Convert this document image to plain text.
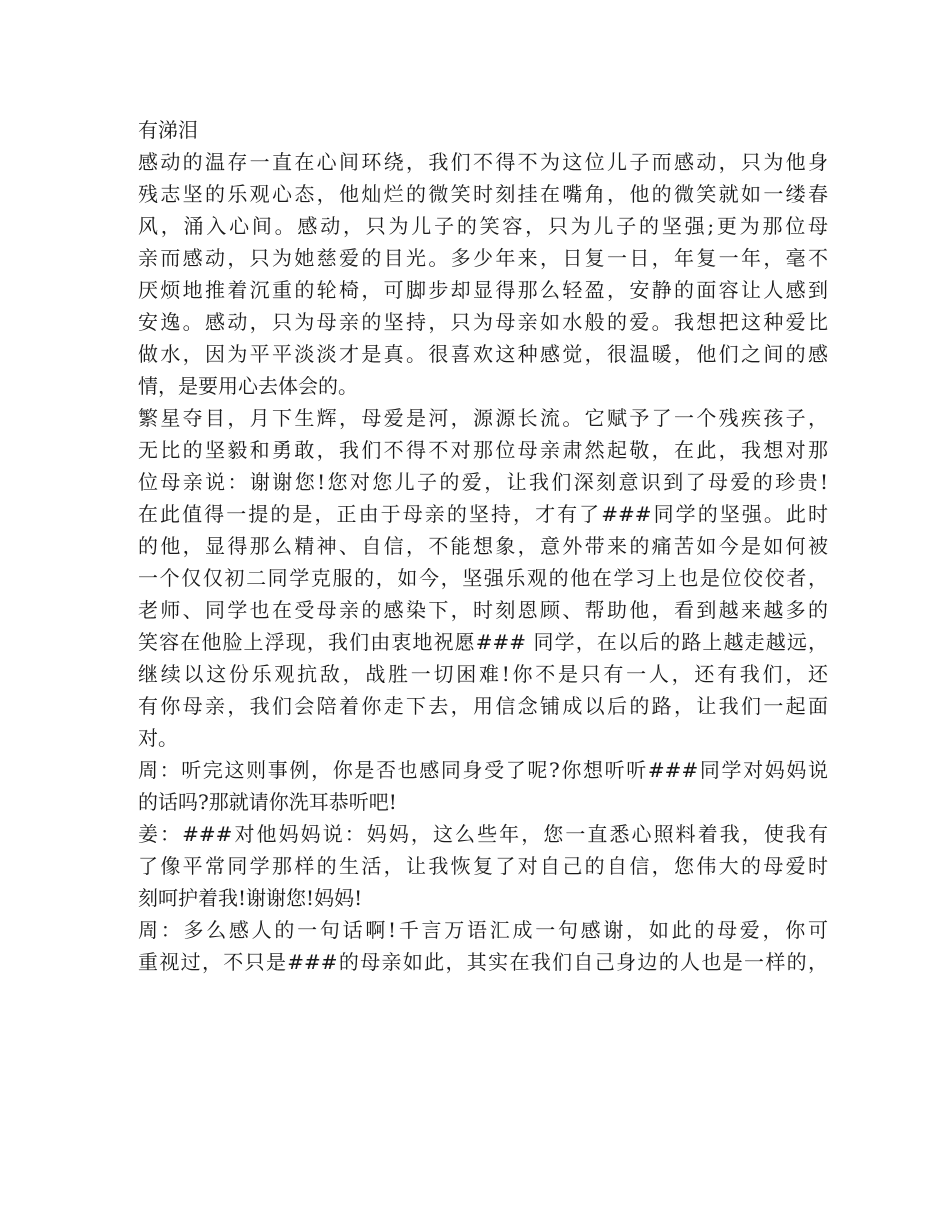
有涕泪

感动的温存一直在心间环绕，我们不得不为这位儿子而感动，只为他身

残志坚的乐观心态，他灿烂的微笑时刻挂在嘴角，他的微笑就如一缕春

风，涌入心间。感动，只为儿子的笑容，只为儿子的坚强;更为那位母

亲而感动，只为她慈爱的目光。多少年来，日复一日，年复一年，毫不

厌烦地推着沉重的轮椅，可脚步却显得那么轻盈，安静的面容让人感到

安逸。感动，只为母亲的坚持，只为母亲如水般的爱。我想把这种爱比

做水，因为平平淡淡才是真。很喜欢这种感觉，很温暖，他们之间的感

情，是要用心去体会的。

繁星夺目，月下生辉，母爱是河，源源长流。它赋予了一个残疾孩子，

无比的坚毅和勇敢，我们不得不对那位母亲肃然起敬，在此，我想对那

位母亲说：谢谢您!您对您儿子的爱，让我们深刻意识到了母爱的珍贵!

在此值得一提的是，正由于母亲的坚持，才有了###同学的坚强。此时

的他，显得那么精神、自信，不能想象，意外带来的痛苦如今是如何被

一个仅仅初二同学克服的，如今，坚强乐观的他在学习上也是位佼佼者，

老师、同学也在受母亲的感染下，时刻恩顾、帮助他，看到越来越多的

笑容在他脸上浮现，我们由衷地祝愿### 同学，在以后的路上越走越远，

继续以这份乐观抗敌，战胜一切困难!你不是只有一人，还有我们，还

有你母亲，我们会陪着你走下去，用信念铺成以后的路，让我们一起面

对。

周：听完这则事例，你是否也感同身受了呢?你想听听###同学对妈妈说

的话吗?那就请你洗耳恭听吧!

姜：###对他妈妈说：妈妈，这么些年，您一直悉心照料着我，使我有

了像平常同学那样的生活，让我恢复了对自己的自信，您伟大的母爱时

刻呵护着我!谢谢您!妈妈!

周：多么感人的一句话啊!千言万语汇成一句感谢，如此的母爱，你可

重视过，不只是###的母亲如此，其实在我们自己身边的人也是一样的，
